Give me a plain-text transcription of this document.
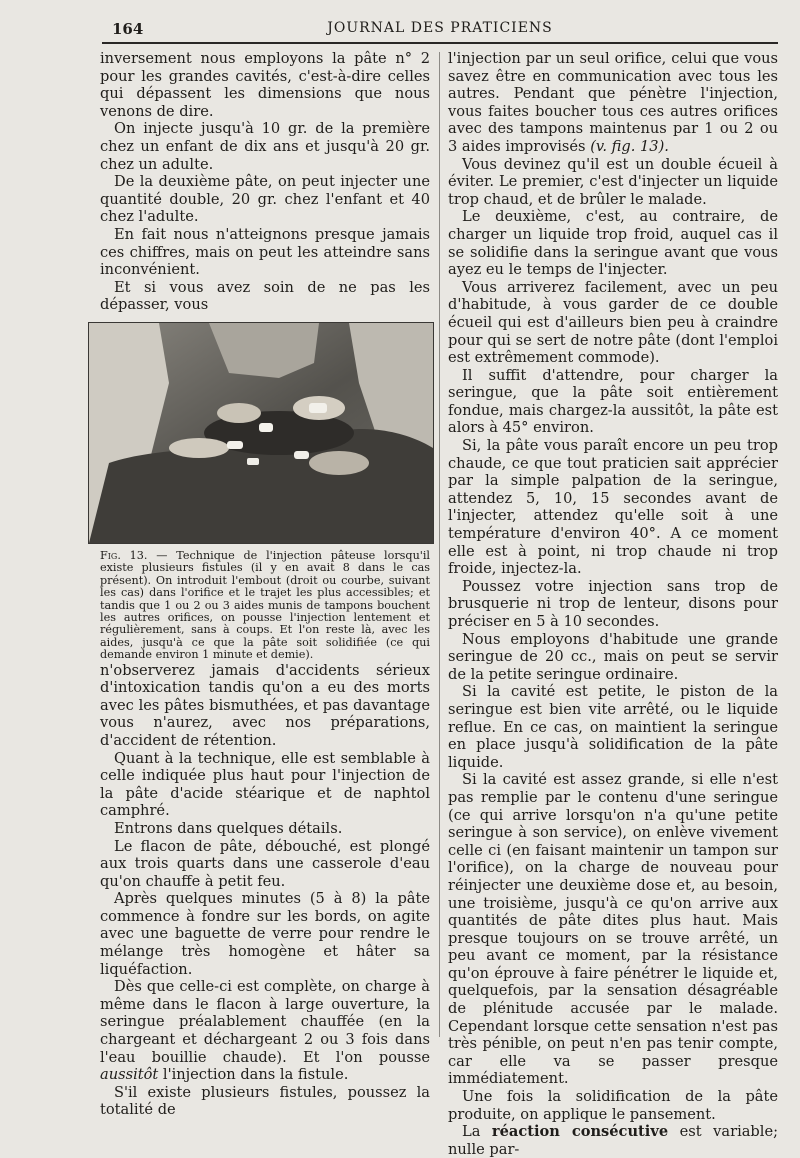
164	JOURNAL DES PRATICIENS

inversement nous employons la pâte n° 2 pour les grandes cavités, c'est-à-dire celles qui dépassent les dimensions que nous venons de dire.

On injecte jusqu'à 10 gr. de la première chez un enfant de dix ans et jusqu'à 20 gr. chez un adulte.

De la deuxième pâte, on peut injecter une quantité double, 20 gr. chez l'enfant et 40 chez l'adulte.

En fait nous n'atteignons presque jamais ces chiffres, mais on peut les atteindre sans inconvénient.

Et si vous avez soin de ne pas les dépasser, vous

Fig. 13. — Technique de l'injection pâteuse lorsqu'il existe plusieurs fistules (il y en avait 8 dans le cas présent). On introduit l'embout (droit ou courbe, suivant les cas) dans l'orifice et le trajet les plus accessibles; et tandis que 1 ou 2 ou 3 aides munis de tampons bouchent les autres orifices, on pousse l'injection lentement et régulièrement, sans à coups. Et l'on reste là, avec les aides, jusqu'à ce que la pâte soit solidifiée (ce qui demande environ 1 minute et demie).

n'observerez jamais d'accidents sérieux d'intoxication tandis qu'on a eu des morts avec les pâtes bismuthées, et pas davantage vous n'aurez, avec nos préparations, d'accident de rétention.

Quant à la technique, elle est semblable à celle indiquée plus haut pour l'injection de la pâte d'acide stéarique et de naphtol camphré.

Entrons dans quelques détails.

Le flacon de pâte, débouché, est plongé aux trois quarts dans une casserole d'eau qu'on chauffe à petit feu.

Après quelques minutes (5 à 8) la pâte commence à fondre sur les bords, on agite avec une baguette de verre pour rendre le mélange très homogène et hâter sa liquéfaction.

Dès que celle-ci est complète, on charge à même dans le flacon à large ouverture, la seringue préalablement chauffée (en la chargeant et déchargeant 2 ou 3 fois dans l'eau bouillie chaude). Et l'on pousse aussitôt l'injection dans la fistule.

S'il existe plusieurs fistules, poussez la totalité de

l'injection par un seul orifice, celui que vous savez être en communication avec tous les autres. Pendant que pénètre l'injection, vous faites boucher tous ces autres orifices avec des tampons maintenus par 1 ou 2 ou 3 aides improvisés (v. fig. 13).

Vous devinez qu'il est un double écueil à éviter. Le premier, c'est d'injecter un liquide trop chaud, et de brûler le malade.

Le deuxième, c'est, au contraire, de charger un liquide trop froid, auquel cas il se solidifie dans la seringue avant que vous ayez eu le temps de l'injecter.

Vous arriverez facilement, avec un peu d'habitude, à vous garder de ce double écueil qui est d'ailleurs bien peu à craindre pour qui se sert de notre pâte (dont l'emploi est extrêmement commode).

Il suffit d'attendre, pour charger la seringue, que la pâte soit entièrement fondue, mais chargez-la aussitôt, la pâte est alors à 45° environ.

Si, la pâte vous paraît encore un peu trop chaude, ce que tout praticien sait apprécier par la simple palpation de la seringue, attendez 5, 10, 15 secondes avant de l'injecter, attendez qu'elle soit à une température d'environ 40°. A ce moment elle est à point, ni trop chaude ni trop froide, injectez-la.

Poussez votre injection sans trop de brusquerie ni trop de lenteur, disons pour préciser en 5 à 10 secondes.

Nous employons d'habitude une grande seringue de 20 cc., mais on peut se servir de la petite seringue ordinaire.

Si la cavité est petite, le piston de la seringue est bien vite arrêté, ou le liquide reflue. En ce cas, on maintient la seringue en place jusqu'à solidification de la pâte liquide.

Si la cavité est assez grande, si elle n'est pas remplie par le contenu d'une seringue (ce qui arrive lorsqu'on n'a qu'une petite seringue à son service), on enlève vivement celle ci (en faisant maintenir un tampon sur l'orifice), on la charge de nouveau pour réinjecter une deuxième dose et, au besoin, une troisième, jusqu'à ce qu'on arrive aux quantités de pâte dites plus haut. Mais presque toujours on se trouve arrêté, un peu avant ce moment, par la résistance qu'on éprouve à faire pénétrer le liquide et, quelquefois, par la sensation désagréable de plénitude accusée par le malade. Cependant lorsque cette sensation n'est pas très pénible, on peut n'en pas tenir compte, car elle va se passer presque immédiatement.

Une fois la solidification de la pâte produite, on applique le pansement.

La réaction consécutive est variable; nulle par-
